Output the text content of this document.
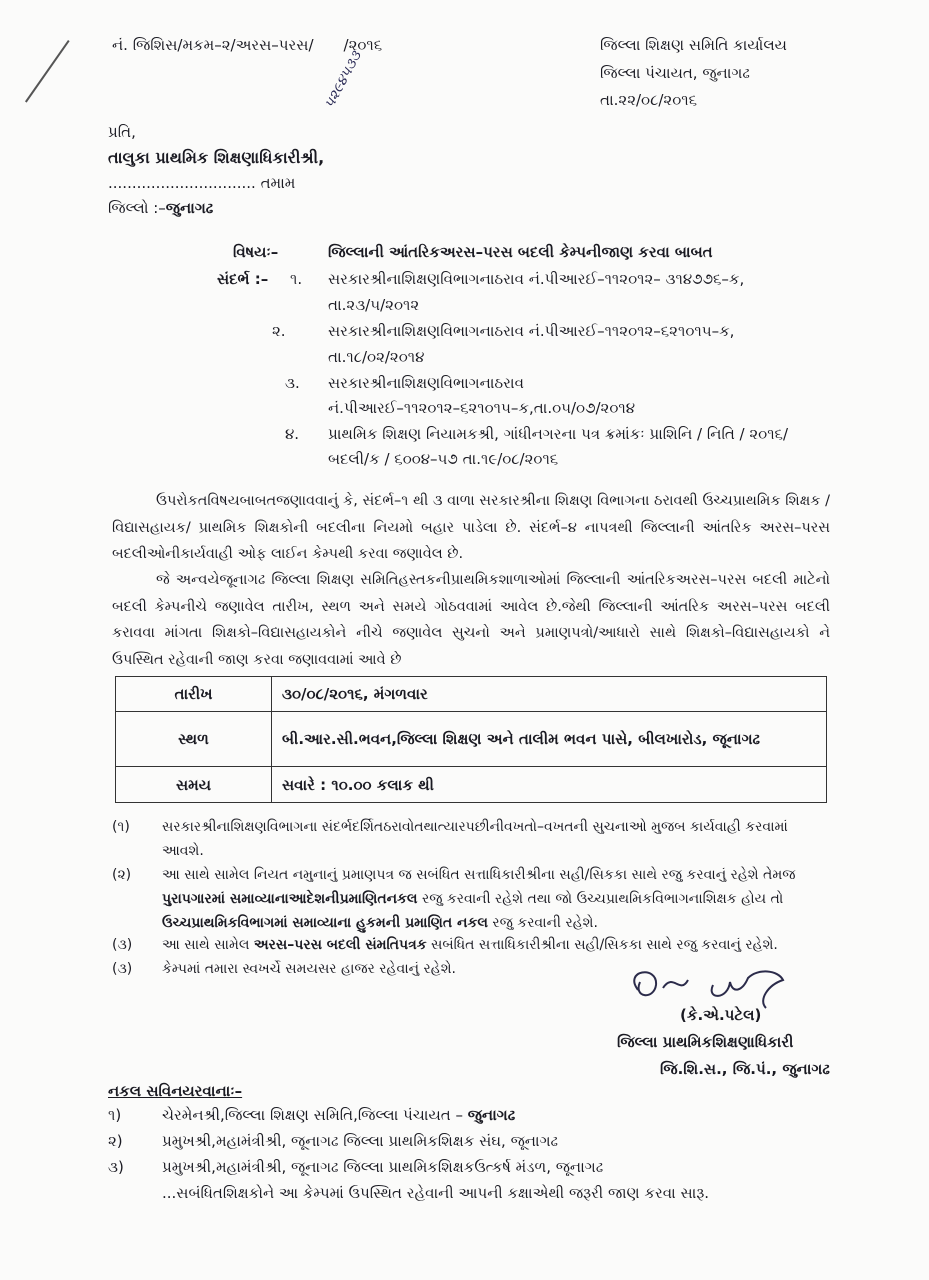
નં. જિશિસ/મકમ–૨/અરસ–પરસ/ /૨૦૧૬
૫૨૯૪૫૩૩
જિલ્લા શિક્ષણ સમિતિ કાર્યાલય
જિલ્લા પંચાયત, જુનાગઢ
તા.૨૨/૦૮/૨૦૧૬
પ્રતિ,
તાલુકા પ્રાથમિક શિક્ષણાધિકારીશ્રી,
............................... તમામ
જિલ્લો :–જુનાગઢ
વિષયઃ–	જિલ્લાની આંતરિકઅરસ–પરસ બદલી કેમ્પનીજાણ કરવા બાબત
સંદર્ભ :– ૧. સરકારશ્રીનાશિક્ષણવિભાગનાઠરાવ નં.પીઆરઈ–૧૧૨૦૧૨– ૩૧૪૭૭૬–ક,
તા.૨૩/૫/૨૦૧૨
૨.	સરકારશ્રીનાશિક્ષણવિભાગનાઠરાવ નં.પીઆરઈ–૧૧૨૦૧૨–૬૨૧૦૧૫–ક,
તા.૧૮/૦૨/૨૦૧૪
૩. સરકારશ્રીનાશિક્ષણવિભાગનાઠરાવ
નં.પીઆરઈ–૧૧૨૦૧૨–૬૨૧૦૧૫–ક,તા.૦૫/૦૭/૨૦૧૪
૪. પ્રાથમિક શિક્ષણ નિયામકશ્રી, ગાંધીનગરના પત્ર ક્રમાંકઃ પ્રાશિનિ / નિતિ / ૨૦૧૬/
બદલી/ક / ૬૦૦૪–૫૭ તા.૧૯/૦૮/૨૦૧૬
ઉપરોકતવિષયબાબતજણાવવાનું કે, સંદર્ભ–૧ થી ૩ વાળા સરકારશ્રીના શિક્ષણ વિભાગના ઠરાવથી ઉચ્ચપ્રાથમિક શિક્ષક /વિદ્યાસહાયક/ પ્રાથમિક શિક્ષકોની બદલીના નિયમો બહાર પાડેલા છે. સંદર્ભ–૪ નાપત્રથી જિલ્લાની આંતરિક અરસ–પરસ બદલીઓનીકાર્યવાહી ઓફ લાઈન કેમ્પથી કરવા જણાવેલ છે.
જે અન્વયેજૂનાગઢ જિલ્લા શિક્ષણ સમિતિહસ્તકનીપ્રાથમિકશાળાઓમાં જિલ્લાની આંતરિકઅરસ–પરસ બદલી માટેનો બદલી કેમ્પનીચે જણાવેલ તારીખ, સ્થળ અને સમયે ગોઠવવામાં આવેલ છે.જેથી જિલ્લાની આંતરિક અરસ–પરસ બદલી કરાવવા માંગતા શિક્ષકો–વિદ્યાસહાયકોને નીચે જણાવેલ સુચનો અને પ્રમાણપત્રો/આધારો સાથે શિક્ષકો–વિદ્યાસહાયકો ને ઉપસ્થિત રહેવાની જાણ કરવા જણાવવામાં આવે છે
તારીખ	૩૦/૦૮/૨૦૧૬, મંગળવાર
સ્થળ	બી.આર.સી.ભવન,જિલ્લા શિક્ષણ અને તાલીમ ભવન પાસે, બીલખારોડ, જૂનાગઢ
સમય	સવારે : ૧૦.૦૦ કલાક થી
(૧) સરકારશ્રીનાશિક્ષણવિભાગના સંદર્ભદર્શિતઠરાવોતથાત્યારપછીનીવખતો–વખતની સુચનાઓ મુજબ કાર્યવાહી કરવામાં આવશે.
(૨) આ સાથે સામેલ નિયત નમુનાનું પ્રમાણપત્ર જ સબંધિત સત્તાધિકારીશ્રીના સહી/સિકકા સાથે રજુ કરવાનું રહેશે તેમજ પુરાપગારમાં સમાવ્યાનાઆદેશનીપ્રમાણિતનકલ રજુ કરવાની રહેશે તથા જો ઉચ્ચપ્રાથમિકવિભાગનાશિક્ષક હોય તો ઉચ્ચપ્રાથમિકવિભાગમાં સમાવ્યાના હુકમની પ્રમાણિત નકલ રજુ કરવાની રહેશે.
(૩) આ સાથે સામેલ અરસ–પરસ બદલી સંમતિપત્રક સબંધિત સત્તાધિકારીશ્રીના સહી/સિકકા સાથે રજુ કરવાનું રહેશે.
(૩) કેમ્પમાં તમારા સ્વખર્ચે સમયસર હાજર રહેવાનું રહેશે.
(કે.એ.પટેલ)
જિલ્લા પ્રાથમિકશિક્ષણાધિકારી
જિ.શિ.સ., જિ.પં., જુનાગઢ
નકલ સવિનયરવાનાઃ–
૧)	ચેરમેનશ્રી,જિલ્લા શિક્ષણ સમિતિ,જિલ્લા પંચાયત – જુનાગઢ
૨)	પ્રમુખશ્રી,મહામંત્રીશ્રી, જૂનાગઢ જિલ્લા પ્રાથમિકશિક્ષક સંઘ, જૂનાગઢ
૩)	પ્રમુખશ્રી,મહામંત્રીશ્રી, જૂનાગઢ જિલ્લા પ્રાથમિકશિક્ષકઉત્કર્ષ મંડળ, જૂનાગઢ
...સબંધિતશિક્ષકોને આ કેમ્પમાં ઉપસ્થિત રહેવાની આપની કક્ષાએથી જરૂરી જાણ કરવા સારૂ.
